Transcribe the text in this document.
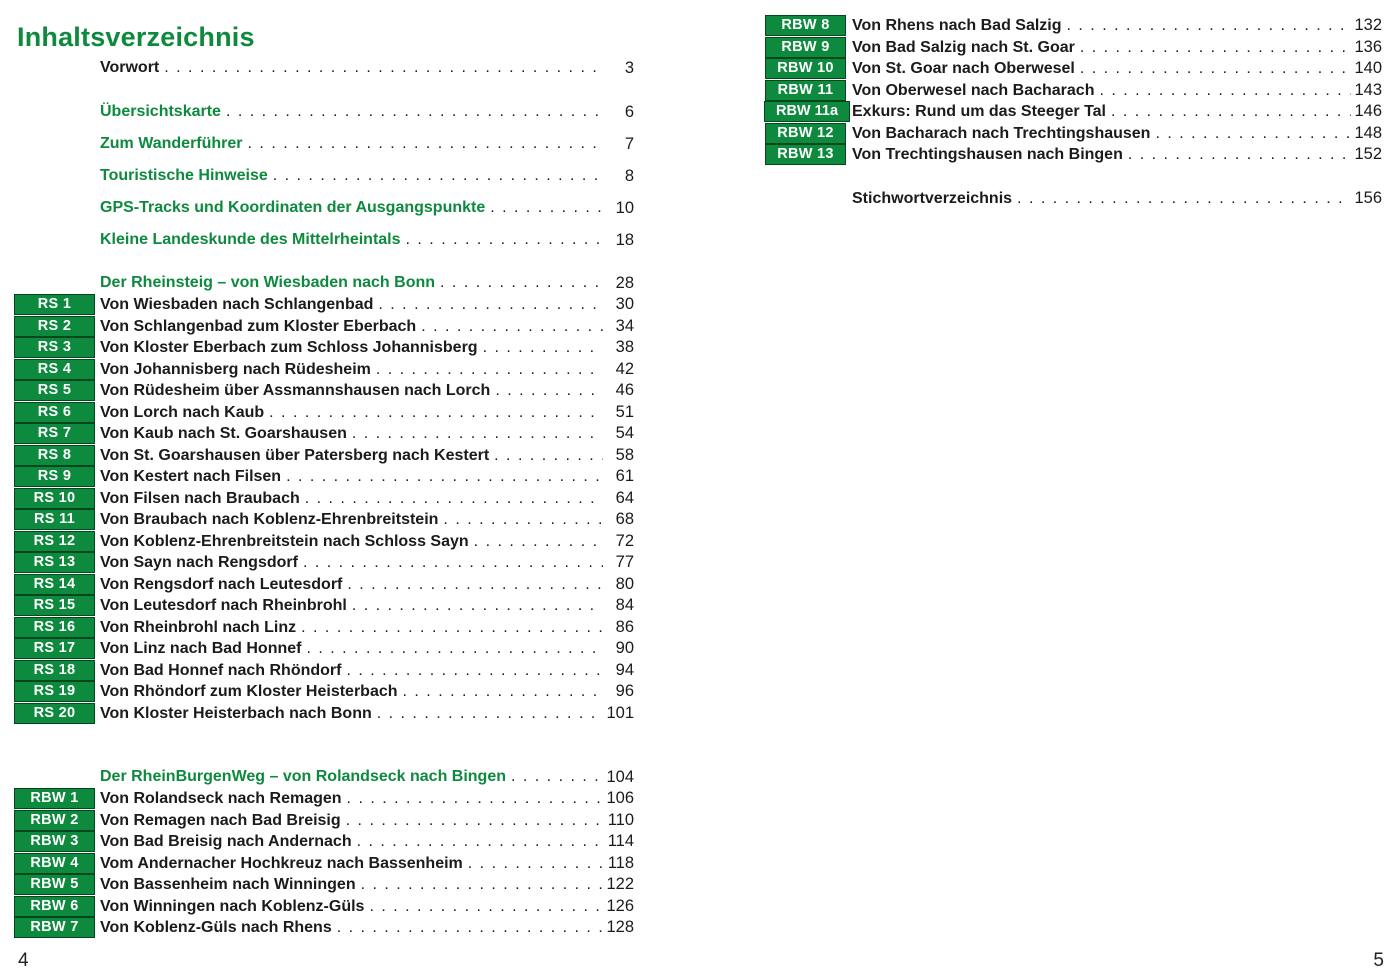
Inhaltsverzeichnis
Vorwort . . .	3
Übersichtskarte . . .	6
Zum Wanderführer . . .	7
Touristische Hinweise . . .	8
GPS-Tracks und Koordinaten der Ausgangspunkte . . .	10
Kleine Landeskunde des Mittelrheintals . . .	18
Der Rheinsteig – von Wiesbaden nach Bonn . . .	28
RS 1	Von Wiesbaden nach Schlangenbad . . .	30
RS 2	Von Schlangenbad zum Kloster Eberbach . . .	34
RS 3	Von Kloster Eberbach zum Schloss Johannisberg . . .	38
RS 4	Von Johannisberg nach Rüdesheim . . .	42
RS 5	Von Rüdesheim über Assmannshausen nach Lorch . . .	46
RS 6	Von Lorch nach Kaub . . .	51
RS 7	Von Kaub nach St. Goarshausen . . .	54
RS 8	Von St. Goarshausen über Patersberg nach Kestert . . .	58
RS 9	Von Kestert nach Filsen . . .	61
RS 10	Von Filsen nach Braubach . . .	64
RS 11	Von Braubach nach Koblenz-Ehrenbreitstein . . .	68
RS 12	Von Koblenz-Ehrenbreitstein nach Schloss Sayn . . .	72
RS 13	Von Sayn nach Rengsdorf . . .	77
RS 14	Von Rengsdorf nach Leutesdorf . . .	80
RS 15	Von Leutesdorf nach Rheinbrohl . . .	84
RS 16	Von Rheinbrohl nach Linz . . .	86
RS 17	Von Linz nach Bad Honnef . . .	90
RS 18	Von Bad Honnef nach Rhöndorf . . .	94
RS 19	Von Rhöndorf zum Kloster Heisterbach . . .	96
RS 20	Von Kloster Heisterbach nach Bonn . . .	101
Der RheinBurgenWeg – von Rolandseck nach Bingen . . .	104
RBW 1	Von Rolandseck nach Remagen . . .	106
RBW 2	Von Remagen nach Bad Breisig . . .	110
RBW 3	Von Bad Breisig nach Andernach . . .	114
RBW 4	Vom Andernacher Hochkreuz nach Bassenheim . . .	118
RBW 5	Von Bassenheim nach Winningen . . .	122
RBW 6	Von Winningen nach Koblenz-Güls . . .	126
RBW 7	Von Koblenz-Güls nach Rhens . . .	128
RBW 8	Von Rhens nach Bad Salzig . . .	132
RBW 9	Von Bad Salzig nach St. Goar . . .	136
RBW 10	Von St. Goar nach Oberwesel . . .	140
RBW 11	Von Oberwesel nach Bacharach . . .	143
RBW 11a Exkurs: Rund um das Steeger Tal . . .	146
RBW 12	Von Bacharach nach Trechtingshausen . . .	148
RBW 13	Von Trechtingshausen nach Bingen . . .	152
Stichwortverzeichnis . . .	156
4	5
